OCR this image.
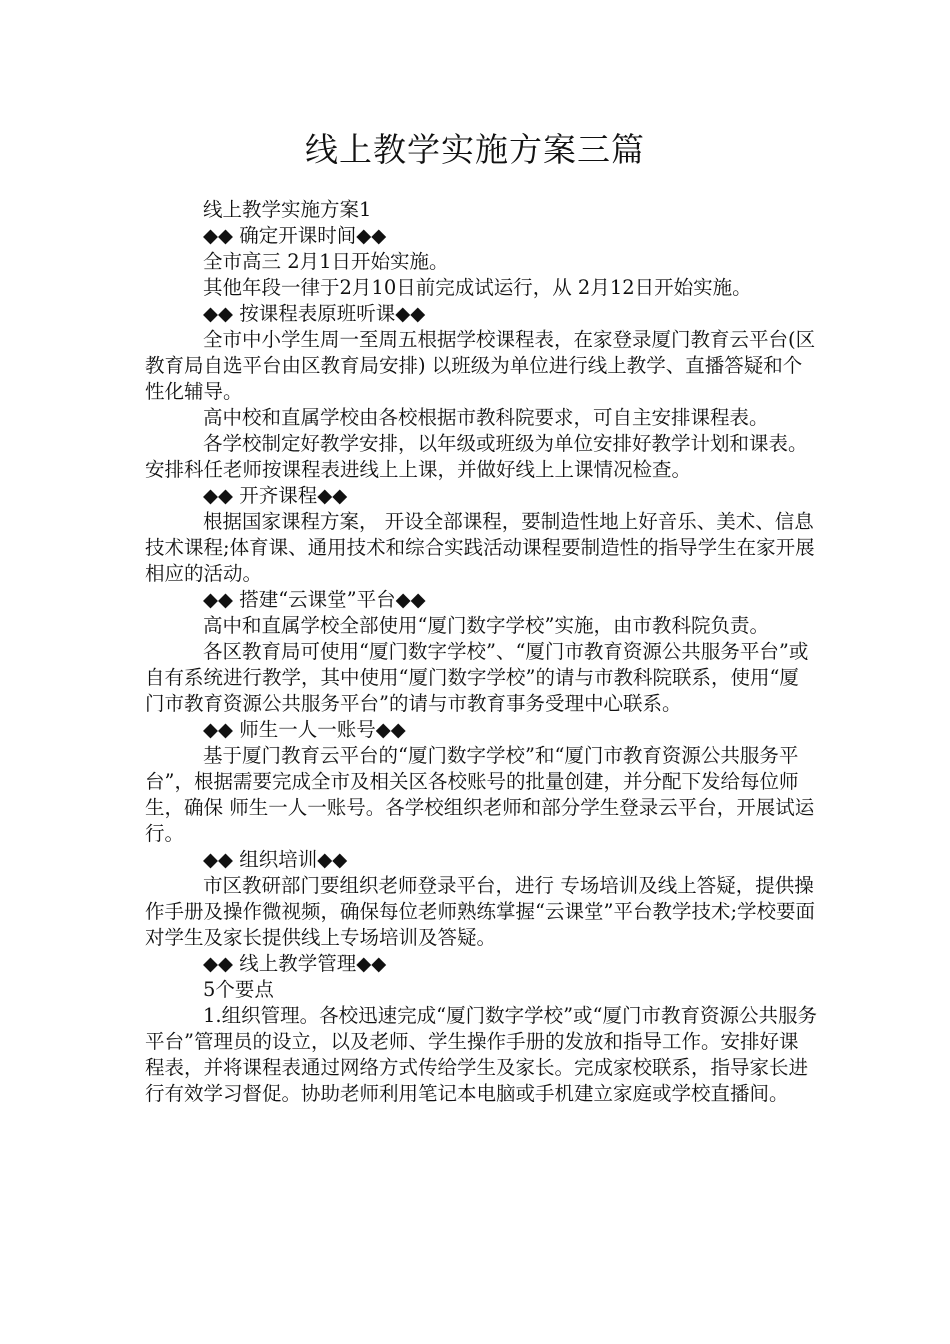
线上教学实施方案三篇

线上教学实施方案1

◆◆ 确定开课时间◆◆

全市高三 2月1日开始实施。

其他年段一律于2月10日前完成试运行，从 2月12日开始实施。

◆◆ 按课程表原班听课◆◆

全市中小学生周一至周五根据学校课程表，在家登录厦门教育云平台(区教育局自选平台由区教育局安排) 以班级为单位进行线上教学、直播答疑和个性化辅导。

高中校和直属学校由各校根据市教科院要求，可自主安排课程表。

各学校制定好教学安排，以年级或班级为单位安排好教学计划和课表。安排科任老师按课程表进线上上课，并做好线上上课情况检查。

◆◆ 开齐课程◆◆

根据国家课程方案， 开设全部课程，要制造性地上好音乐、美术、信息技术课程;体育课、通用技术和综合实践活动课程要制造性的指导学生在家开展相应的活动。

◆◆ 搭建“云课堂”平台◆◆

高中和直属学校全部使用“厦门数字学校”实施，由市教科院负责。

各区教育局可使用“厦门数字学校”、“厦门市教育资源公共服务平台”或自有系统进行教学，其中使用“厦门数字学校”的请与市教科院联系，使用“厦门市教育资源公共服务平台”的请与市教育事务受理中心联系。

◆◆ 师生一人一账号◆◆

基于厦门教育云平台的“厦门数字学校”和“厦门市教育资源公共服务平台”，根据需要完成全市及相关区各校账号的批量创建，并分配下发给每位师生，确保 师生一人一账号。各学校组织老师和部分学生登录云平台，开展试运行。

◆◆ 组织培训◆◆

市区教研部门要组织老师登录平台，进行 专场培训及线上答疑，提供操作手册及操作微视频，确保每位老师熟练掌握“云课堂”平台教学技术;学校要面对学生及家长提供线上专场培训及答疑。

◆◆ 线上教学管理◆◆

5个要点

1.组织管理。各校迅速完成“厦门数字学校”或“厦门市教育资源公共服务平台”管理员的设立，以及老师、学生操作手册的发放和指导工作。安排好课程表，并将课程表通过网络方式传给学生及家长。完成家校联系，指导家长进行有效学习督促。协助老师利用笔记本电脑或手机建立家庭或学校直播间。
